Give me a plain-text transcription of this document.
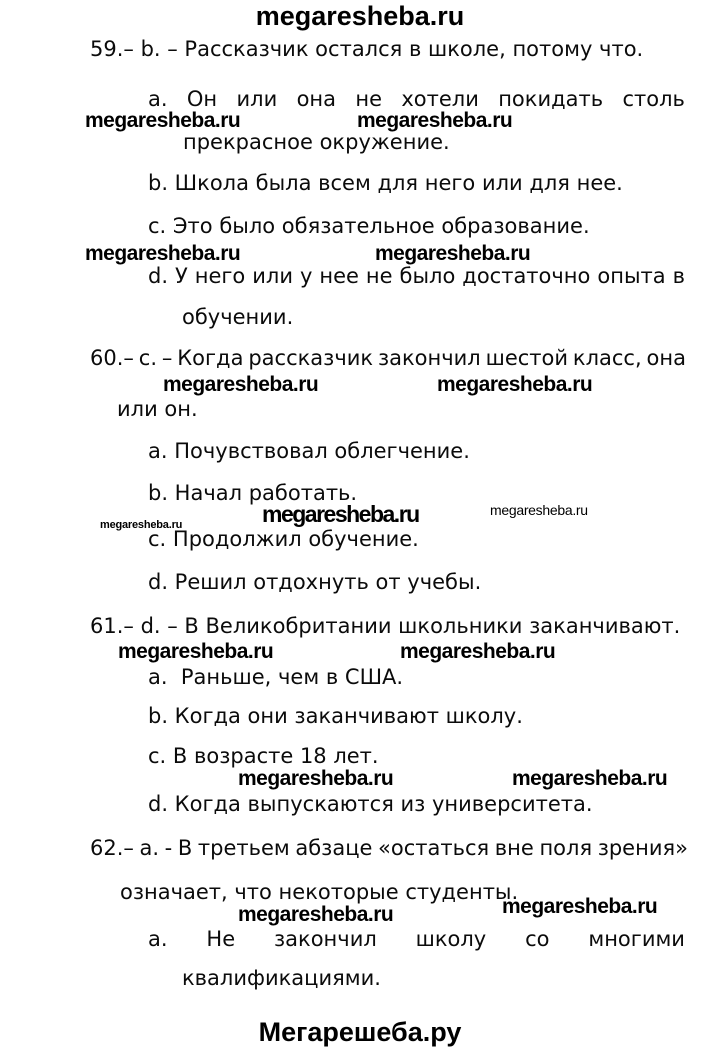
megaresheba.ru
59.– b. – Рассказчик остался в школе, потому что.
a. Он или она не хотели покидать столь
megaresheba.ru	megaresheba.ru
прекрасное окружение.
b. Школа была всем для него или для нее.
c. Это было обязательное образование.
megaresheba.ru	megaresheba.ru
d. У него или у нее не было достаточно опыта в
обучении.
60.– c. – Когда рассказчик закончил шестой класс, она
megaresheba.ru	megaresheba.ru
или он.
a. Почувствовал облегчение.
b. Начал работать.
megaresheba.ru	megaresheba.ru	megaresheba.ru
c. Продолжил обучение.
d. Решил отдохнуть от учебы.
61.– d. – В Великобритании школьники заканчивают.
megaresheba.ru	megaresheba.ru
a.  Раньше, чем в США.
b. Когда они заканчивают школу.
c. В возрасте 18 лет.
megaresheba.ru	megaresheba.ru
d. Когда выпускаются из университета.
62.– a. - В третьем абзаце «остаться вне поля зрения»
означает, что некоторые студенты.
megaresheba.ru	megaresheba.ru
a. Не закончил школу со многими
квалификациями.
Мегарешеба.ру
